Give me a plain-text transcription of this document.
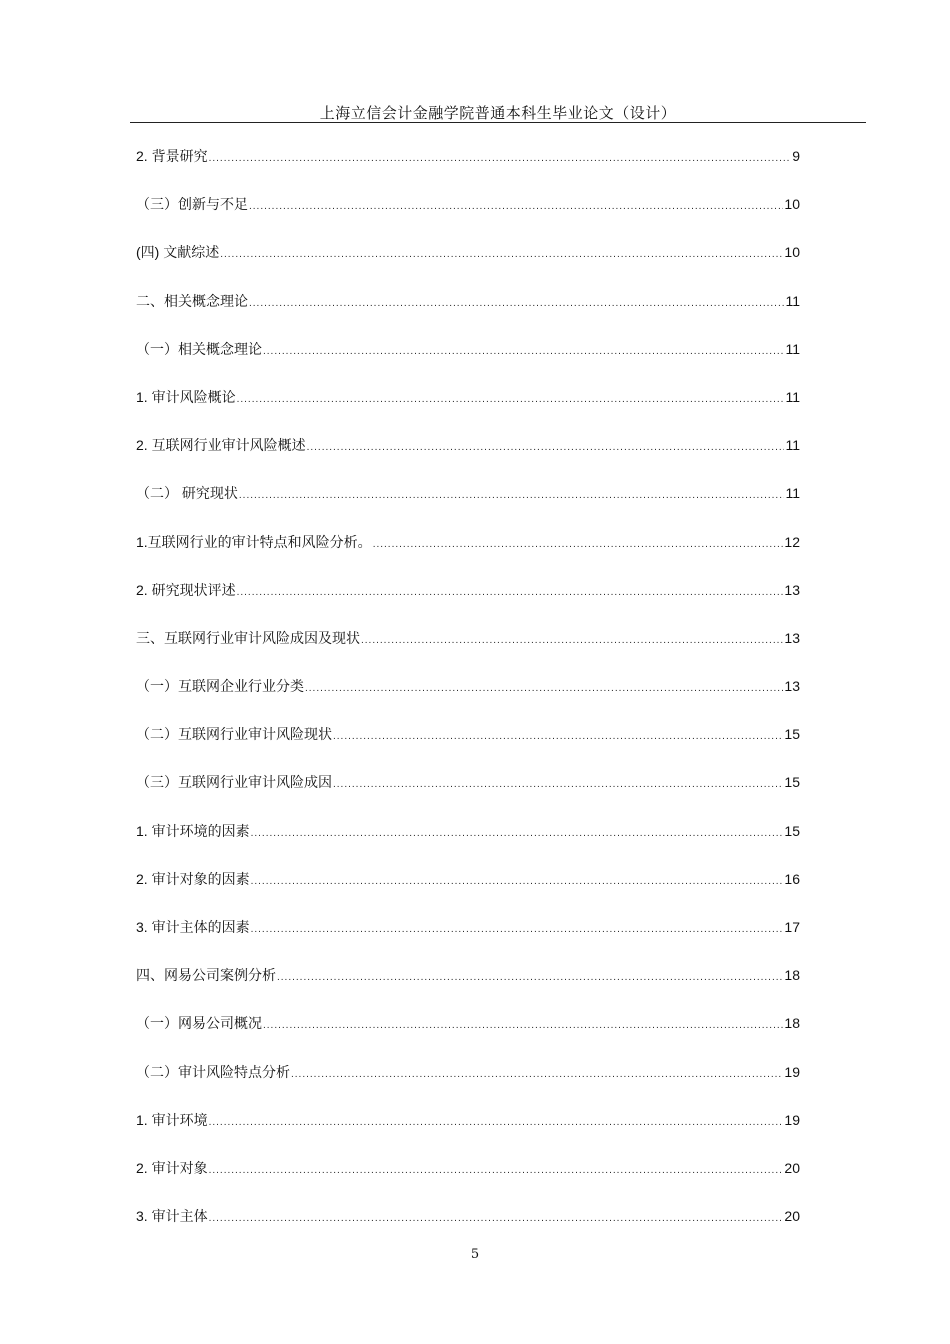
上海立信会计金融学院普通本科生毕业论文（设计）
2. 背景研究 .....	9
（三）创新与不足 .....	10
(四) 文献综述 .....	10
二、相关概念理论 .....	11
（一）相关概念理论 .....	11
1. 审计风险概论 .....	11
2. 互联网行业审计风险概述 .....	11
（二） 研究现状 .....	11
1.互联网行业的审计特点和风险分析。 .....	12
2. 研究现状评述 .....	13
三、互联网行业审计风险成因及现状 .....	13
（一）互联网企业行业分类 .....	13
（二）互联网行业审计风险现状 .....	15
（三）互联网行业审计风险成因 .....	15
1. 审计环境的因素 .....	15
2. 审计对象的因素 .....	16
3. 审计主体的因素 .....	17
四、网易公司案例分析 .....	18
（一）网易公司概况 .....	18
（二）审计风险特点分析 .....	19
1. 审计环境 .....	19
2. 审计对象 .....	20
3. 审计主体 .....	20
5
